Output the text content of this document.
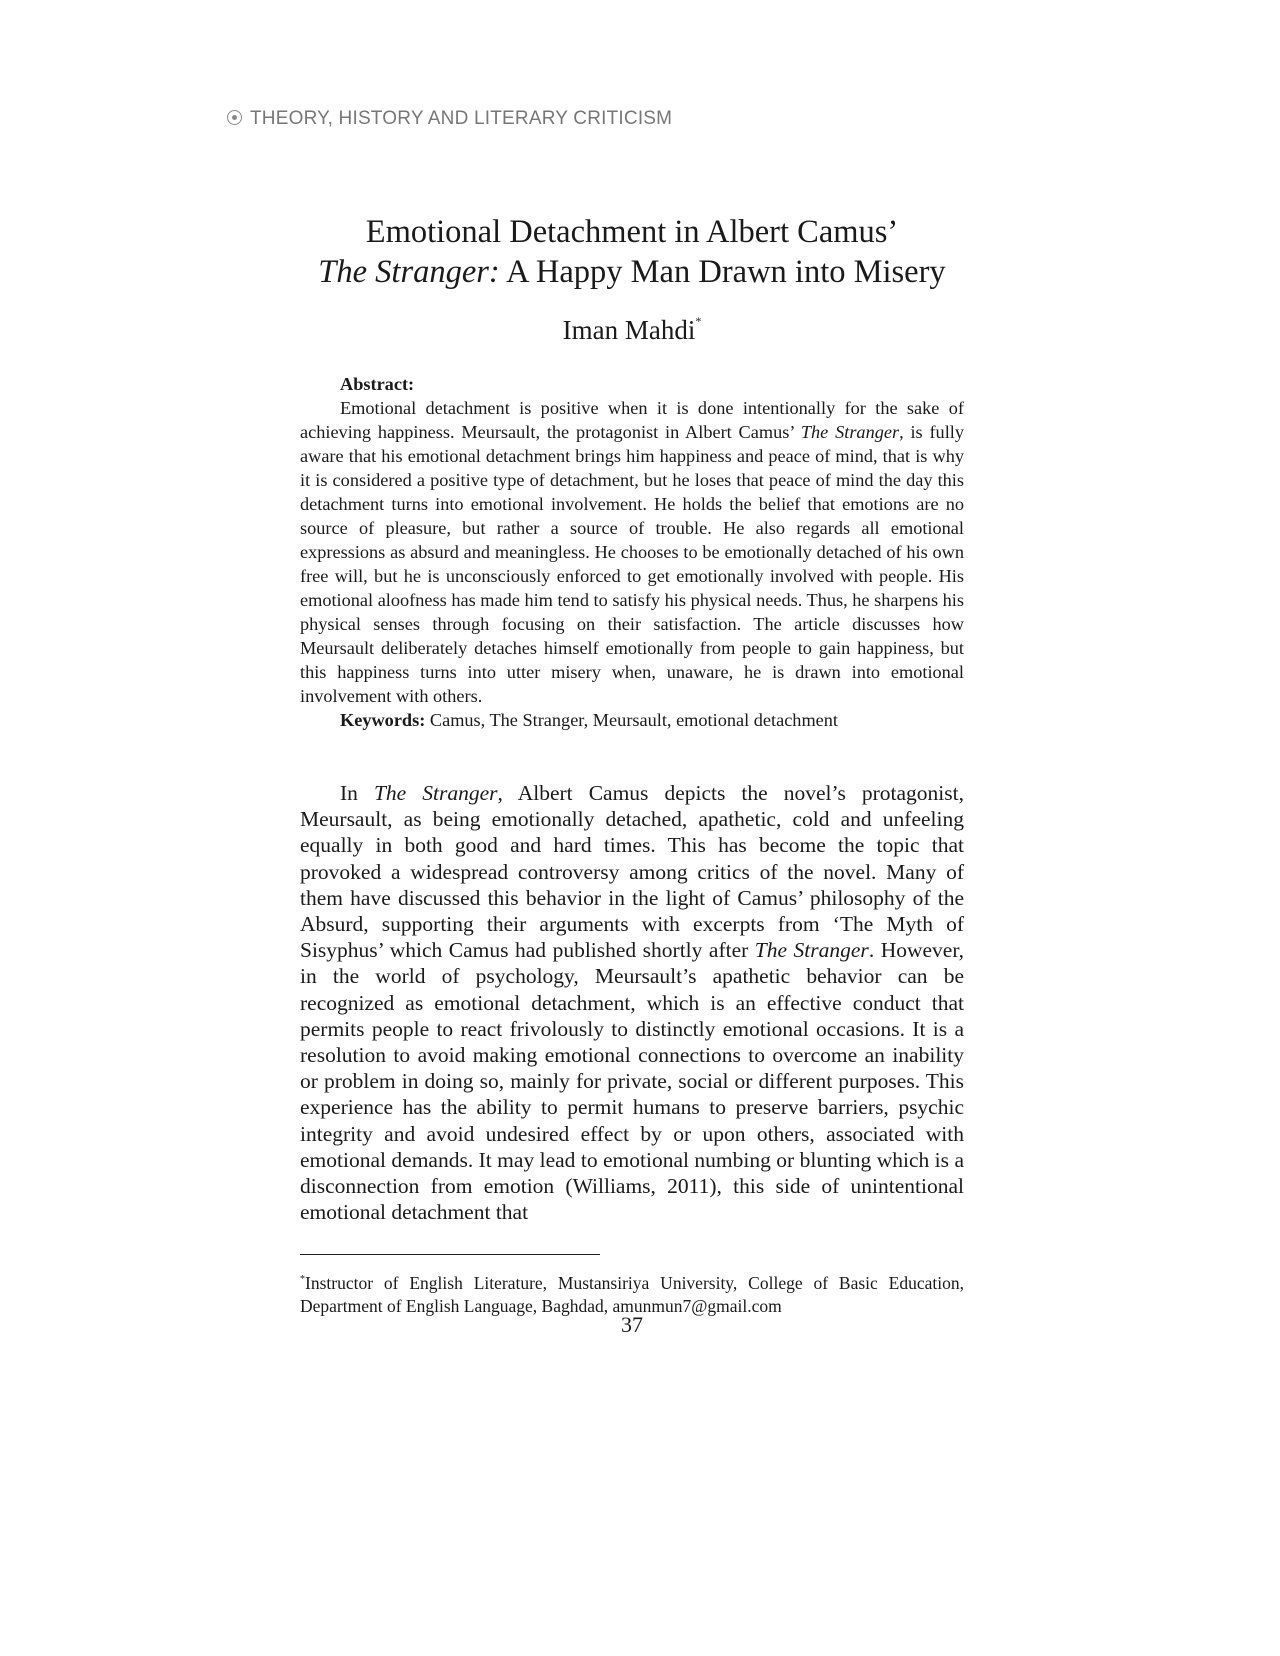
THEORY, HISTORY AND LITERARY CRITICISM
Emotional Detachment in Albert Camus’
The Stranger: A Happy Man Drawn into Misery
Iman Mahdi*
Abstract:

Emotional detachment is positive when it is done intentionally for the sake of achieving happiness. Meursault, the protagonist in Albert Camus’ The Stranger, is fully aware that his emotional detachment brings him happiness and peace of mind, that is why it is considered a positive type of detachment, but he loses that peace of mind the day this detachment turns into emotional involvement. He holds the belief that emotions are no source of pleasure, but rather a source of trouble. He also regards all emotional expressions as absurd and meaningless. He chooses to be emotionally detached of his own free will, but he is unconsciously enforced to get emotionally involved with people. His emotional aloofness has made him tend to satisfy his physical needs. Thus, he sharpens his physical senses through focusing on their satisfaction. The article discusses how Meursault deliberately detaches himself emotionally from people to gain happiness, but this happiness turns into utter misery when, unaware, he is drawn into emotional involvement with others.

Keywords: Camus, The Stranger, Meursault, emotional detachment

In The Stranger, Albert Camus depicts the novel’s protagonist, Meursault, as being emotionally detached, apathetic, cold and unfeeling equally in both good and hard times. This has become the topic that provoked a widespread controversy among critics of the novel. Many of them have discussed this behavior in the light of Camus’ philosophy of the Absurd, supporting their arguments with excerpts from ‘The Myth of Sisyphus’ which Camus had published shortly after The Stranger. However, in the world of psychology, Meursault’s apathetic behavior can be recognized as emotional detachment, which is an effective conduct that permits people to react frivolously to distinctly emotional occasions. It is a resolution to avoid making emotional connections to overcome an inability or problem in doing so, mainly for private, social or different purposes. This experience has the ability to permit humans to preserve barriers, psychic integrity and avoid undesired effect by or upon others, associated with emotional demands. It may lead to emotional numbing or blunting which is a disconnection from emotion (Williams, 2011), this side of unintentional emotional detachment that

*Instructor of English Literature, Mustansiriya University, College of Basic Education, Department of English Language, Baghdad, amunmun7@gmail.com
37
